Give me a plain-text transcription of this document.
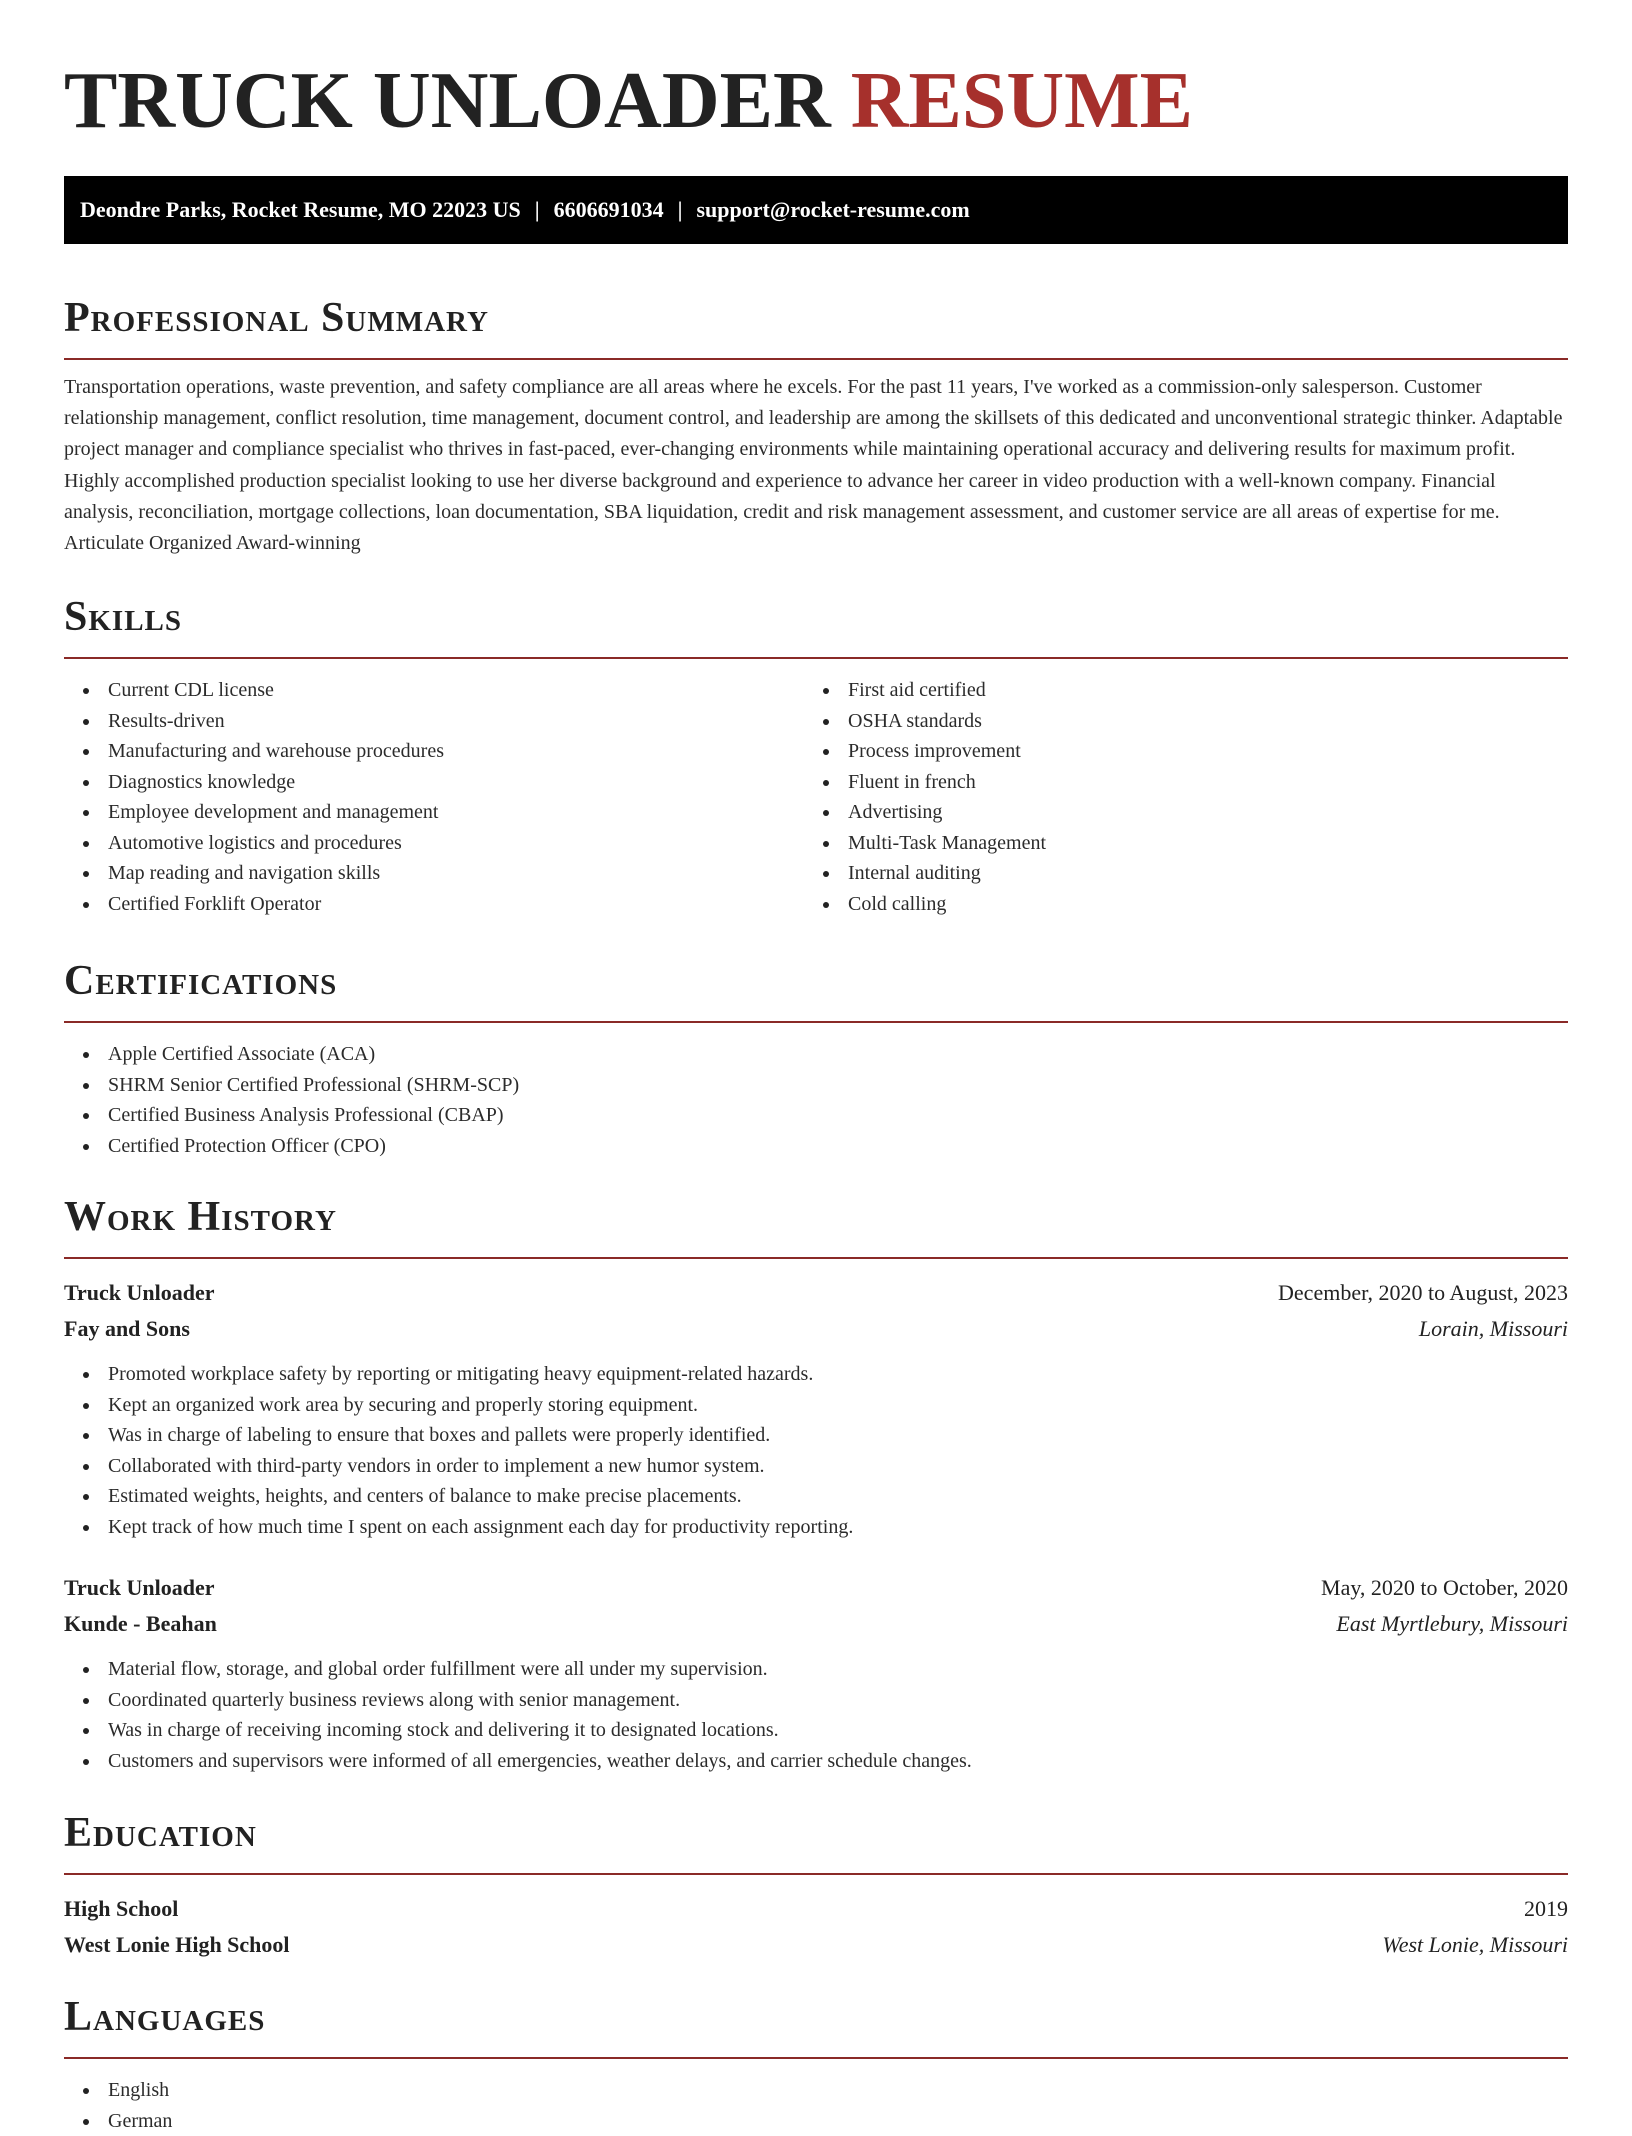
TRUCK UNLOADER RESUME
Deondre Parks, Rocket Resume, MO 22023 US | 6606691034 | support@rocket-resume.com
Professional Summary

Transportation operations, waste prevention, and safety compliance are all areas where he excels. For the past 11 years, I've worked as a commission-only salesperson. Customer relationship management, conflict resolution, time management, document control, and leadership are among the skillsets of this dedicated and unconventional strategic thinker. Adaptable project manager and compliance specialist who thrives in fast-paced, ever-changing environments while maintaining operational accuracy and delivering results for maximum profit. Highly accomplished production specialist looking to use her diverse background and experience to advance her career in video production with a well-known company. Financial analysis, reconciliation, mortgage collections, loan documentation, SBA liquidation, credit and risk management assessment, and customer service are all areas of expertise for me. Articulate Organized Award-winning

Skills
Current CDL license
Results-driven
Manufacturing and warehouse procedures
Diagnostics knowledge
Employee development and management
Automotive logistics and procedures
Map reading and navigation skills
Certified Forklift Operator
First aid certified
OSHA standards
Process improvement
Fluent in french
Advertising
Multi-Task Management
Internal auditing
Cold calling
Certifications
Apple Certified Associate (ACA)
SHRM Senior Certified Professional (SHRM-SCP)
Certified Business Analysis Professional (CBAP)
Certified Protection Officer (CPO)
Work History
Truck Unloader	December, 2020 to August, 2023
Fay and Sons	Lorain, Missouri
Promoted workplace safety by reporting or mitigating heavy equipment-related hazards.
Kept an organized work area by securing and properly storing equipment.
Was in charge of labeling to ensure that boxes and pallets were properly identified.
Collaborated with third-party vendors in order to implement a new humor system.
Estimated weights, heights, and centers of balance to make precise placements.
Kept track of how much time I spent on each assignment each day for productivity reporting.
Truck Unloader	May, 2020 to October, 2020
Kunde - Beahan	East Myrtlebury, Missouri
Material flow, storage, and global order fulfillment were all under my supervision.
Coordinated quarterly business reviews along with senior management.
Was in charge of receiving incoming stock and delivering it to designated locations.
Customers and supervisors were informed of all emergencies, weather delays, and carrier schedule changes.
Education
High School	2019
West Lonie High School	West Lonie, Missouri
Languages
English
German
